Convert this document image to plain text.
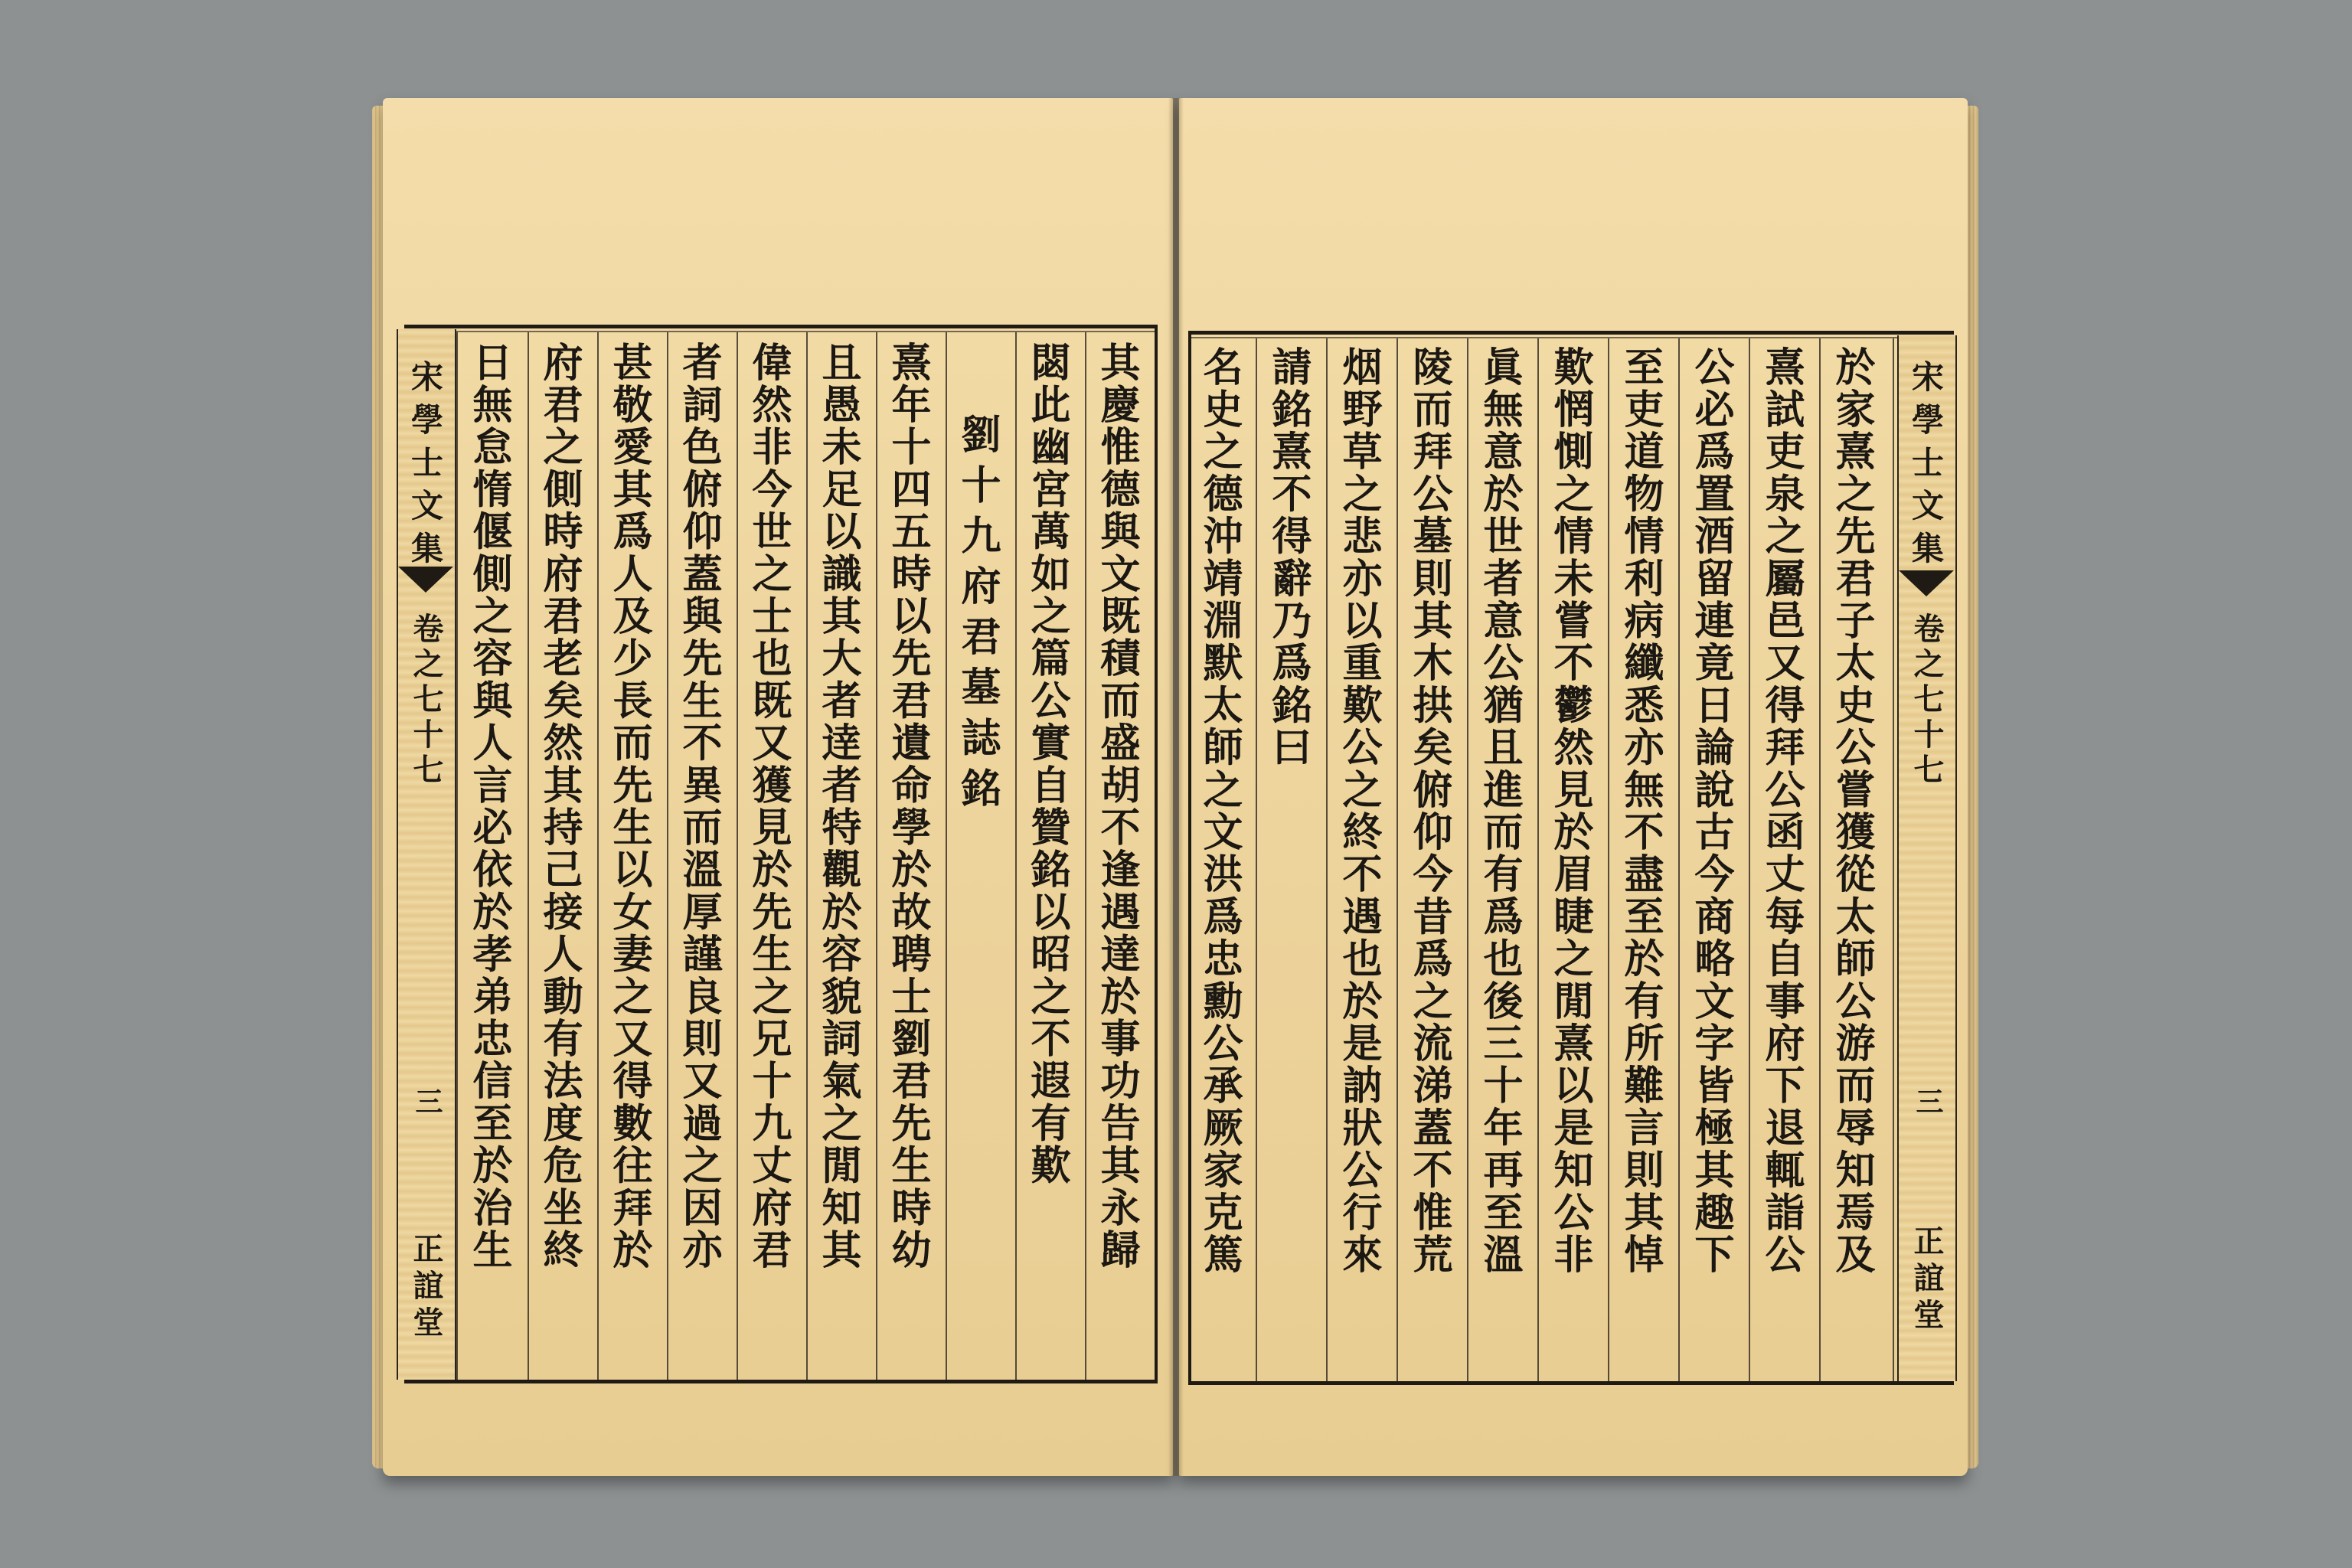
宋學士文集
卷之七十七
三
正誼堂
其慶惟德與文既積而盛胡不逢遇達於事功告其永歸
閟此幽宮萬如之篇公實自贊銘以昭之不遐有歎
劉十九府君墓誌銘
熹年十四五時以先君遺命學於故聘士劉君先生時幼
且愚未足以識其大者逹者特觀於容貌詞氣之閒知其
偉然非今世之士也既又獲見於先生之兄十九丈府君
者詞色俯仰蓋與先生不異而溫厚謹良則又過之因亦
甚敬愛其爲人及少長而先生以女妻之又得數往拜於
府君之側時府君老矣然其持己接人動有法度危坐終
日無怠惰偃側之容與人言必依於孝弟忠信至於治生	宋學士文集
卷之七十七
三
正誼堂
於家熹之先君子太史公嘗獲從太師公游而辱知焉及
熹試吏泉之屬邑又得拜公函丈每自事府下退輒詣公
公必爲置酒留連竟日論說古今商略文字皆極其趣下
至吏道物情利病纖悉亦無不盡至於有所難言則其悼
歎惘惻之情未嘗不鬱然見於眉睫之閒熹以是知公非
眞無意於世者意公猶且進而有爲也後三十年再至溫
陵而拜公墓則其木拱矣俯仰今昔爲之流涕蓋不惟荒
烟野草之悲亦以重歎公之終不遇也於是訥狀公行來
請銘熹不得辭乃爲銘曰
名史之德沖靖淵默太師之文洪爲忠勳公承厥家克篤
